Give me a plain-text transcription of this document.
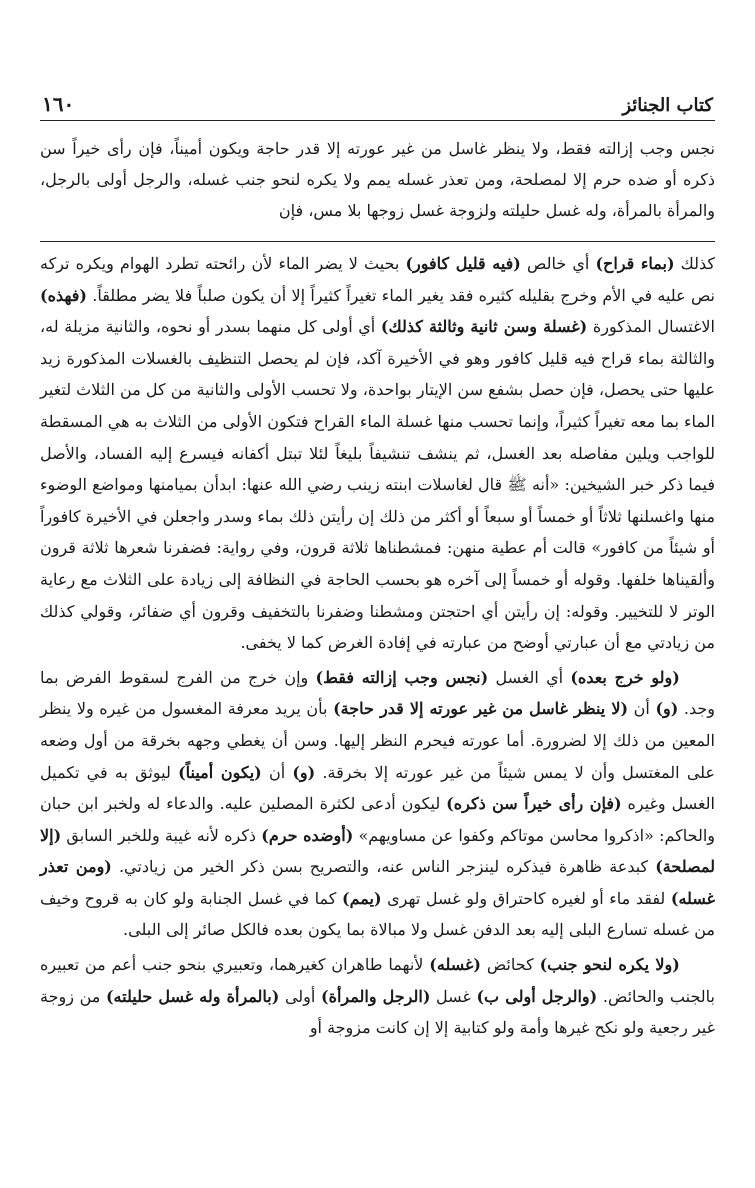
كتاب الجنائز
١٦٠
نجس وجب إزالته فقط، ولا ينظر غاسل من غير عورته إلا قدر حاجة ويكون أميناً، فإن رأى خيراً سن ذكره أو ضده حرم إلا لمصلحة، ومن تعذر غسله يمم ولا يكره لنحو جنب غسله، والرجل أولى بالرجل، والمرأة بالمرأة، وله غسل حليلته ولزوجة غسل زوجها بلا مس، فإن

كذلك (بماء قراح) أي خالص (فيه قليل كافور) بحيث لا يضر الماء لأن رائحته تطرد الهوام ويكره تركه نص عليه في الأم وخرج بقليله كثيره فقد يغير الماء تغيراً كثيراً إلا أن يكون صلباً فلا يضر مطلقاً. (فهذه) الاغتسال المذكورة (غسلة وسن ثانية وثالثة كذلك) أي أولى كل منهما بسدر أو نحوه، والثانية مزيلة له، والثالثة بماء قراح فيه قليل كافور وهو في الأخيرة آكد، فإن لم يحصل التنظيف بالغسلات المذكورة زيد عليها حتى يحصل، فإن حصل بشفع سن الإيتار بواحدة، ولا تحسب الأولى والثانية من كل من الثلاث لتغير الماء بما معه تغيراً كثيراً، وإنما تحسب منها غسلة الماء القراح فتكون الأولى من الثلاث به هي المسقطة للواجب ويلين مفاصله بعد الغسل، ثم ينشف تنشيفاً بليغاً لئلا تبتل أكفانه فيسرع إليه الفساد، والأصل فيما ذكر خبر الشيخين: «أنه ﷺ قال لغاسلات ابنته زينب رضي الله عنها: ابدأن بميامنها ومواضع الوضوء منها واغسلنها ثلاثاً أو خمساً أو سبعاً أو أكثر من ذلك إن رأيتن ذلك بماء وسدر واجعلن في الأخيرة كافوراً أو شيئاً من كافور» قالت أم عطية منهن: فمشطناها ثلاثة قرون، وفي رواية: فضفرنا شعرها ثلاثة قرون وألقيناها خلفها. وقوله أو خمساً إلى آخره هو بحسب الحاجة في النظافة إلى زيادة على الثلاث مع رعاية الوتر لا للتخيير. وقوله: إن رأيتن أي احتجتن ومشطنا وضفرنا بالتخفيف وقرون أي ضفائر، وقولي كذلك من زيادتي مع أن عبارتي أوضح من عبارته في إفادة الغرض كما لا يخفى.

(ولو خرج بعده) أي الغسل (نجس وجب إزالته فقط) وإن خرج من الفرج لسقوط الفرض بما وجد. (و) أن (لا ينظر غاسل من غير عورته إلا قدر حاجة) بأن يريد معرفة المغسول من غيره ولا ينظر المعين من ذلك إلا لضرورة. أما عورته فيحرم النظر إليها. وسن أن يغطي وجهه بخرقة من أول وضعه على المغتسل وأن لا يمس شيئاً من غير عورته إلا بخرقة. (و) أن (يكون أميناً) ليوثق به في تكميل الغسل وغيره (فإن رأى خيراً سن ذكره) ليكون أدعى لكثرة المصلين عليه. والدعاء له ولخبر ابن حبان والحاكم: «اذكروا محاسن موتاكم وكفوا عن مساويهم» (أوضده حرم) ذكره لأنه غيبة وللخبر السابق (إلا لمصلحة) كبدعة ظاهرة فيذكره لينزجر الناس عنه، والتصريح بسن ذكر الخير من زيادتي. (ومن تعذر غسله) لفقد ماء أو لغيره كاحتراق ولو غسل تهرى (يمم) كما في غسل الجنابة ولو كان به قروح وخيف من غسله تسارع البلى إليه بعد الدفن غسل ولا مبالاة بما يكون بعده فالكل صائر إلى البلى.

(ولا يكره لنحو جنب) كحائض (غسله) لأنهما طاهران كغيرهما، وتعبيري بنحو جنب أعم من تعبيره بالجنب والحائض. (والرجل أولى ب) غسل (الرجل والمرأة) أولى (بالمرأة وله غسل حليلته) من زوجة غير رجعية ولو نكح غيرها وأمة ولو كتابية إلا إن كانت مزوجة أو
